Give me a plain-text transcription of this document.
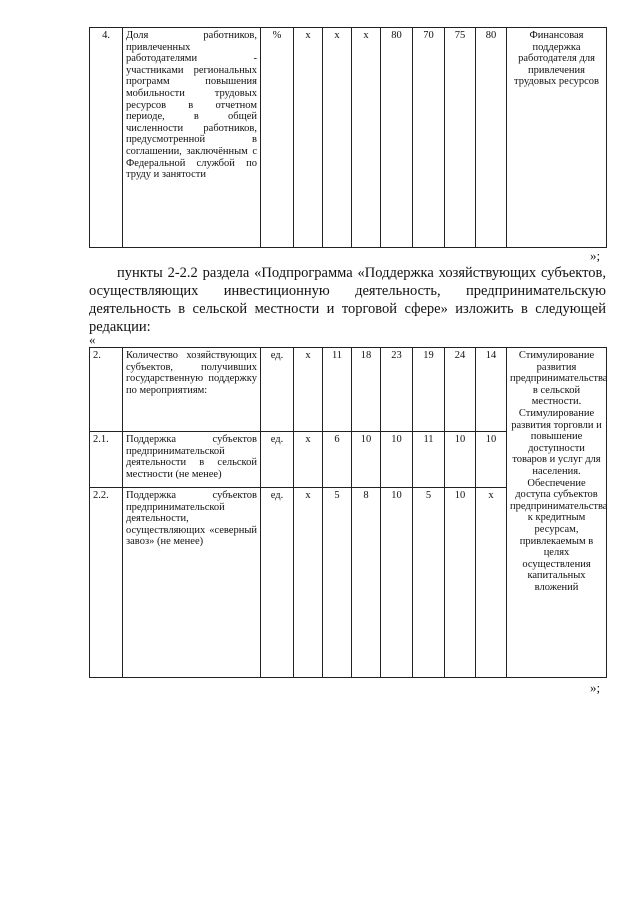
4.	Доля работников, привлеченных работодателями - участниками региональных программ повышения мобильности трудовых ресурсов в отчетном периоде, в общей численности работников, предусмотренной в соглашении, заключённым с Федеральной службой по труду и занятости	%	х	х	х	80	70	75	80	Финансовая поддержка работодателя для привлечения трудовых ресурсов
»;

пункты 2-2.2 раздела «Подпрограмма «Поддержка хозяйствующих субъектов, осуществляющих инвестиционную деятельность, предпринимательскую деятельность в сельской местности и торговой сфере» изложить в следующей редакции:

«
2.	Количество хозяйствующих субъектов, получивших государственную поддержку по мероприятиям:	ед.	х	11	18	23	19	24	14	Стимулирование развития предпринимательства в сельской местности. Стимулирование развития торговли и повышение доступности товаров и услуг для населения. Обеспечение доступа субъектов предпринимательства к кредитным ресурсам, привлекаемым в целях осуществления капитальных вложений
2.1.	Поддержка субъектов предпринимательской деятельности в сельской местности (не менее)	ед.	х	6	10	10	11	10	10	
2.2.	Поддержка субъектов предпринимательской деятельности, осуществляющих «северный завоз» (не менее)	ед.	х	5	8	10	5	10	х	
»;
